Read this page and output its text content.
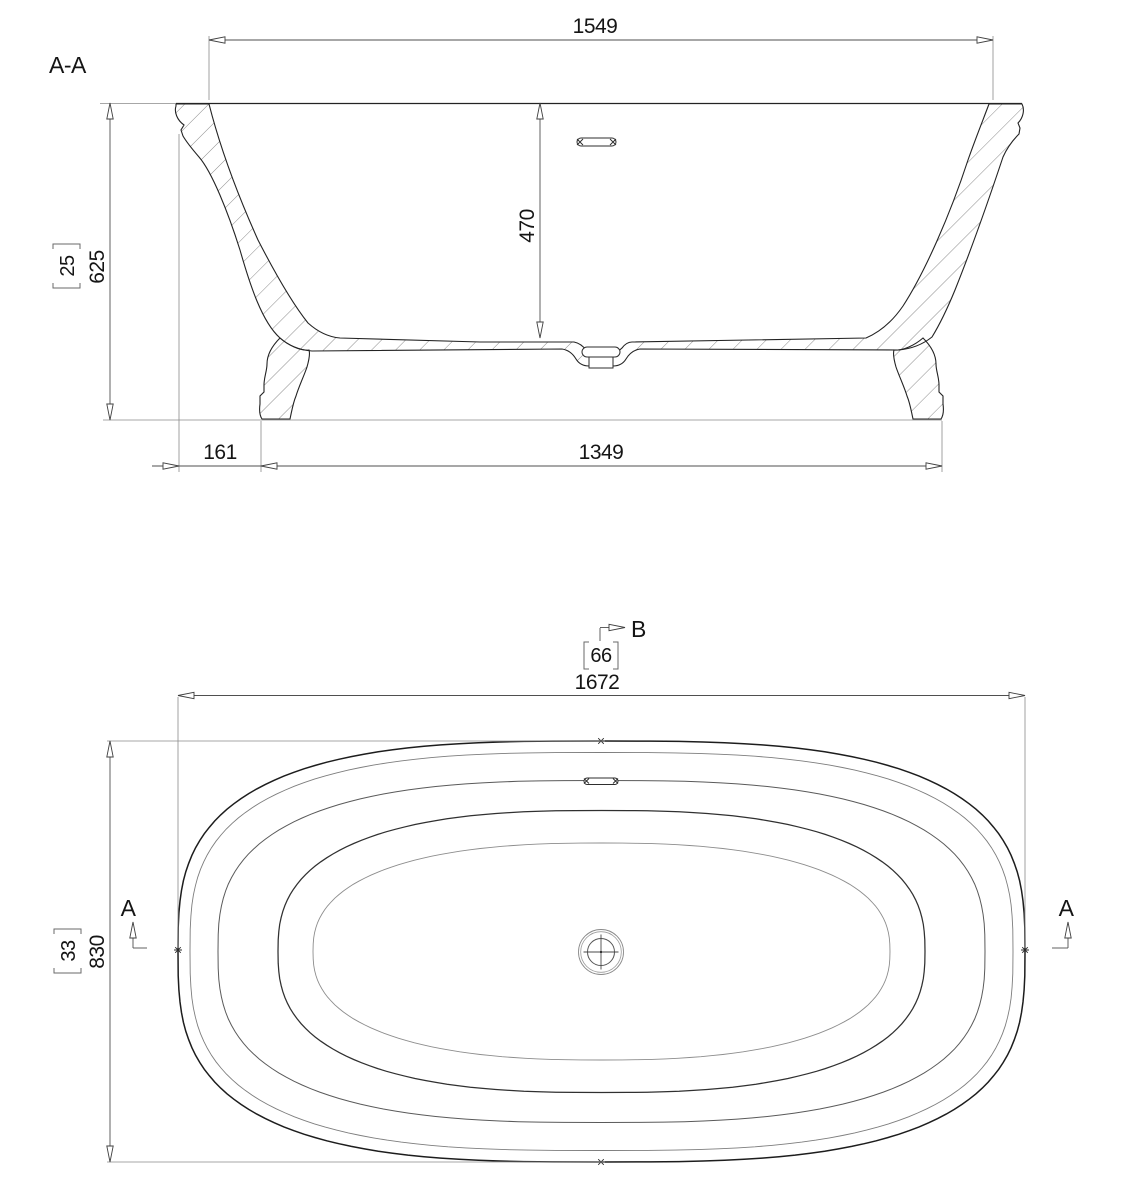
A-A
1549
625
25
470
161	1349
B
66
1672
830
33
A	A
